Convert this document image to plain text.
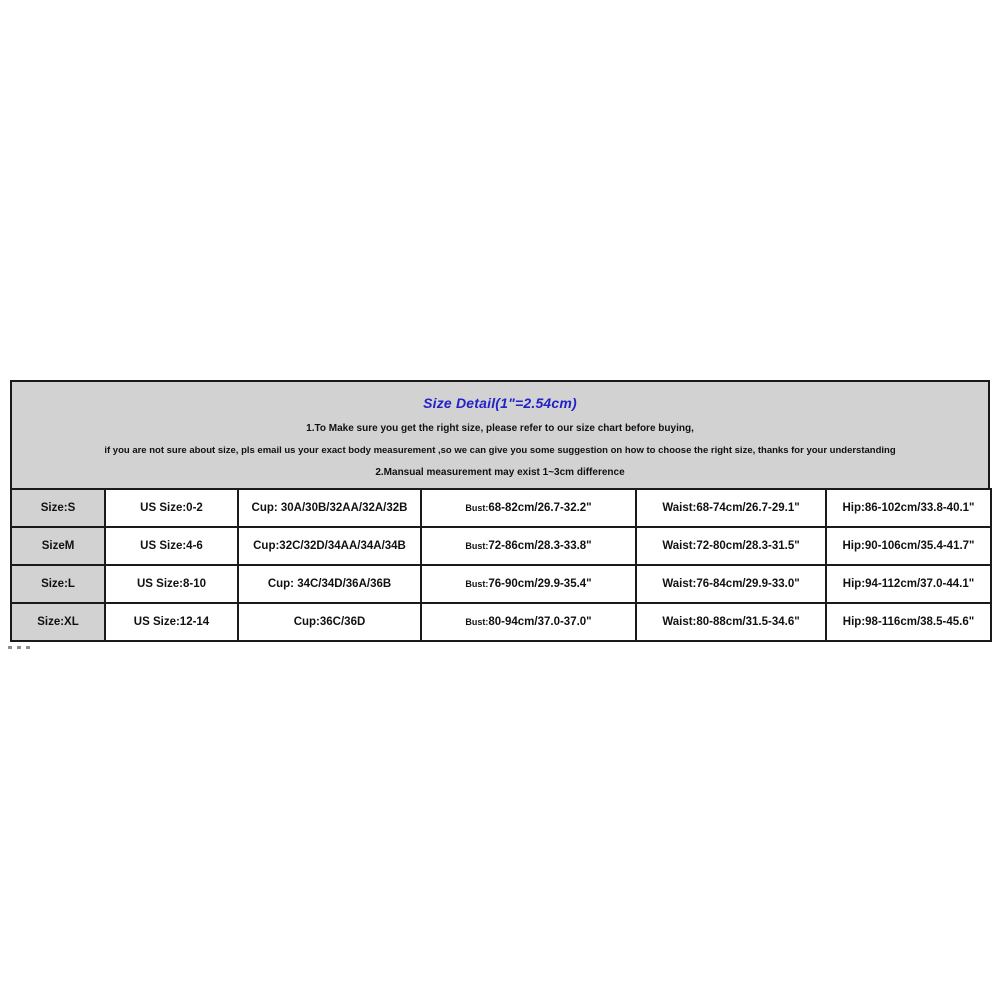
Size Detail(1"=2.54cm)
1.To Make sure you get the right size, please refer to our size chart before buying,
if you are not sure about size, pls email us your exact body measurement ,so we can give you some suggestion on how to choose the right size, thanks for your understanding
2.Mansual measurement may exist 1~3cm difference
Size:S	US Size:0-2	Cup: 30A/30B/32AA/32A/32B	Bust:68-82cm/26.7-32.2"	Waist:68-74cm/26.7-29.1"	Hip:86-102cm/33.8-40.1"
SizeM	US Size:4-6	Cup:32C/32D/34AA/34A/34B	Bust:72-86cm/28.3-33.8"	Waist:72-80cm/28.3-31.5"	Hip:90-106cm/35.4-41.7"
Size:L	US Size:8-10	Cup: 34C/34D/36A/36B	Bust:76-90cm/29.9-35.4"	Waist:76-84cm/29.9-33.0"	Hip:94-112cm/37.0-44.1"
Size:XL	US Size:12-14	Cup:36C/36D	Bust:80-94cm/37.0-37.0"	Waist:80-88cm/31.5-34.6"	Hip:98-116cm/38.5-45.6"
